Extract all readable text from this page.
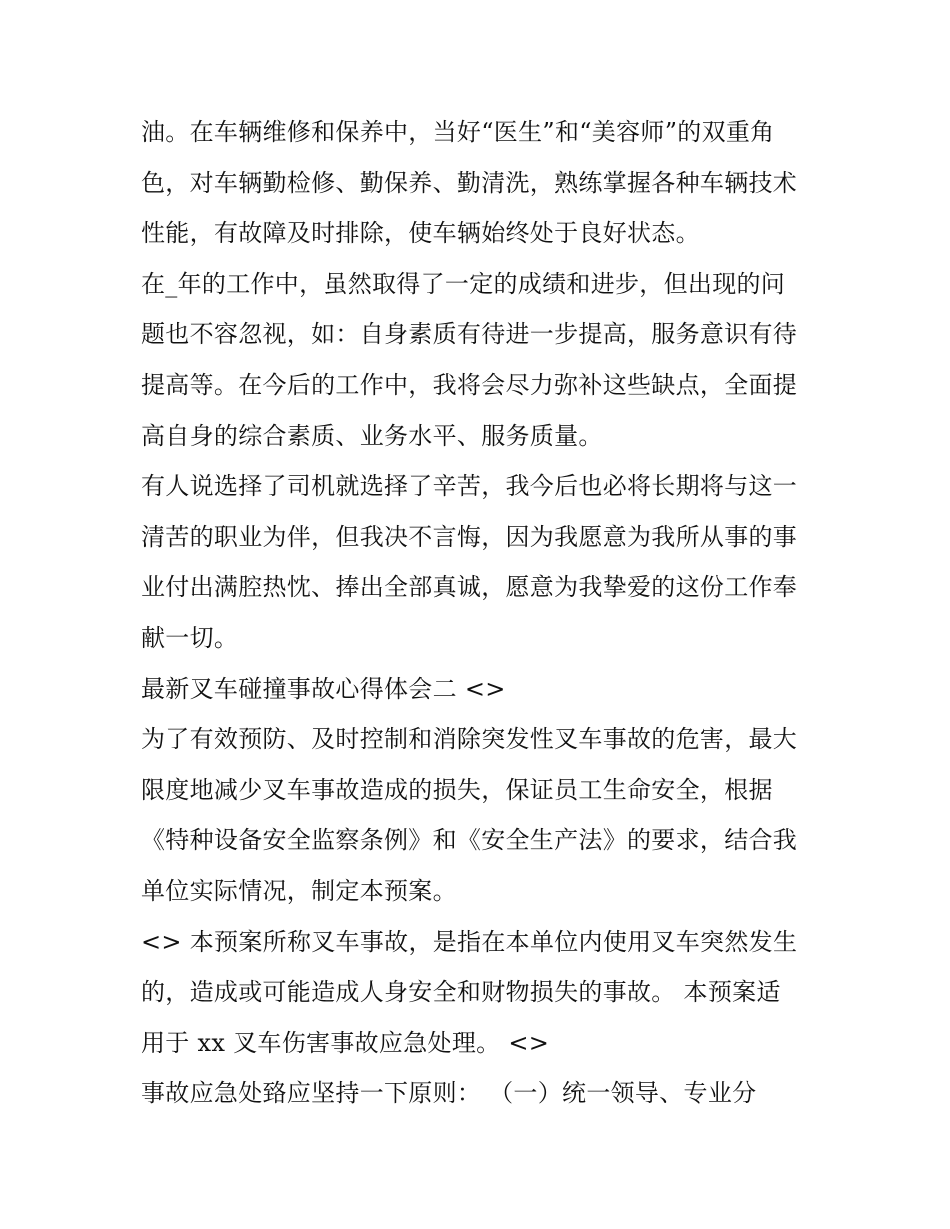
油。在车辆维修和保养中，当好“医生”和“美容师”的双重角
色，对车辆勤检修、勤保养、勤清洗，熟练掌握各种车辆技术
性能，有故障及时排除，使车辆始终处于良好状态。
在_年的工作中，虽然取得了一定的成绩和进步，但出现的问
题也不容忽视，如：自身素质有待进一步提高，服务意识有待
提高等。在今后的工作中，我将会尽力弥补这些缺点，全面提
高自身的综合素质、业务水平、服务质量。
有人说选择了司机就选择了辛苦，我今后也必将长期将与这一
清苦的职业为伴，但我决不言悔，因为我愿意为我所从事的事
业付出满腔热忱、捧出全部真诚，愿意为我挚爱的这份工作奉
献一切。
最新叉车碰撞事故心得体会二 <>
为了有效预防、及时控制和消除突发性叉车事故的危害，最大
限度地减少叉车事故造成的损失，保证员工生命安全，根据
《特种设备安全监察条例》和《安全生产法》的要求，结合我
单位实际情况，制定本预案。
<> 本预案所称叉车事故，是指在本单位内使用叉车突然发生
的，造成或可能造成人身安全和财物损失的事故。 本预案适
用于 xx 叉车伤害事故应急处理。 <>
事故应急处臵应坚持一下原则： （一）统一领导、专业分
